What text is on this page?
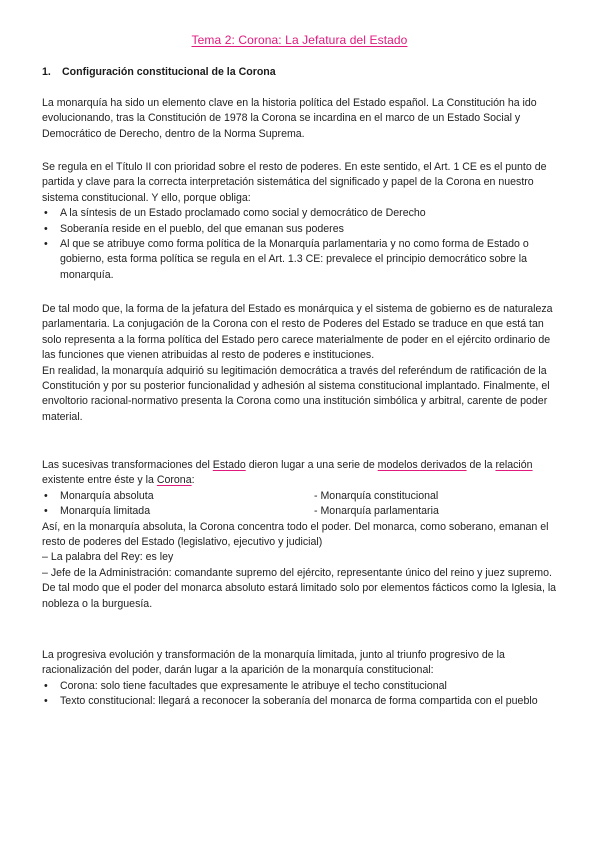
Tema 2: Corona: La Jefatura del Estado
1. Configuración constitucional de la Corona

La monarquía ha sido un elemento clave en la historia política del Estado español. La Constitución ha ido evolucionando, tras la Constitución de 1978 la Corona se incardina en el marco de un Estado Social y Democrático de Derecho, dentro de la Norma Suprema.

Se regula en el Título II con prioridad sobre el resto de poderes. En este sentido, el Art. 1 CE es el punto de partida y clave para la correcta interpretación sistemática del significado y papel de la Corona en nuestro sistema constitucional. Y ello, porque obliga:

• A la síntesis de un Estado proclamado como social y democrático de Derecho
• Soberanía reside en el pueblo, del que emanan sus poderes
• Al que se atribuye como forma política de la Monarquía parlamentaria y no como forma de Estado o gobierno, esta forma política se regula en el Art. 1.3 CE: prevalece el principio democrático sobre la monarquía.

De tal modo que, la forma de la jefatura del Estado es monárquica y el sistema de gobierno es de naturaleza parlamentaria. La conjugación de la Corona con el resto de Poderes del Estado se traduce en que está tan solo representa a la forma política del Estado pero carece materialmente de poder en el ejército ordinario de las funciones que vienen atribuidas al resto de poderes e instituciones.

En realidad, la monarquía adquirió su legitimación democrática a través del referéndum de ratificación de la Constitución y por su posterior funcionalidad y adhesión al sistema constitucional implantado. Finalmente, el envoltorio racional-normativo presenta la Corona como una institución simbólica y arbitral, carente de poder material.

Las sucesivas transformaciones del Estado dieron lugar a una serie de modelos derivados de la relación existente entre éste y la Corona:

• Monarquía absoluta	- Monarquía constitucional
• Monarquía limitada	- Monarquía parlamentaria

Así, en la monarquía absoluta, la Corona concentra todo el poder. Del monarca, como soberano, emanan el resto de poderes del Estado (legislativo, ejecutivo y judicial)

– La palabra del Rey: es ley

– Jefe de la Administración: comandante supremo del ejército, representante único del reino y juez supremo.

De tal modo que el poder del monarca absoluto estará limitado solo por elementos fácticos como la Iglesia, la nobleza o la burguesía.

La progresiva evolución y transformación de la monarquía limitada, junto al triunfo progresivo de la racionalización del poder, darán lugar a la aparición de la monarquía constitucional:

• Corona: solo tiene facultades que expresamente le atribuye el techo constitucional
• Texto constitucional: llegará a reconocer la soberanía del monarca de forma compartida con el pueblo
